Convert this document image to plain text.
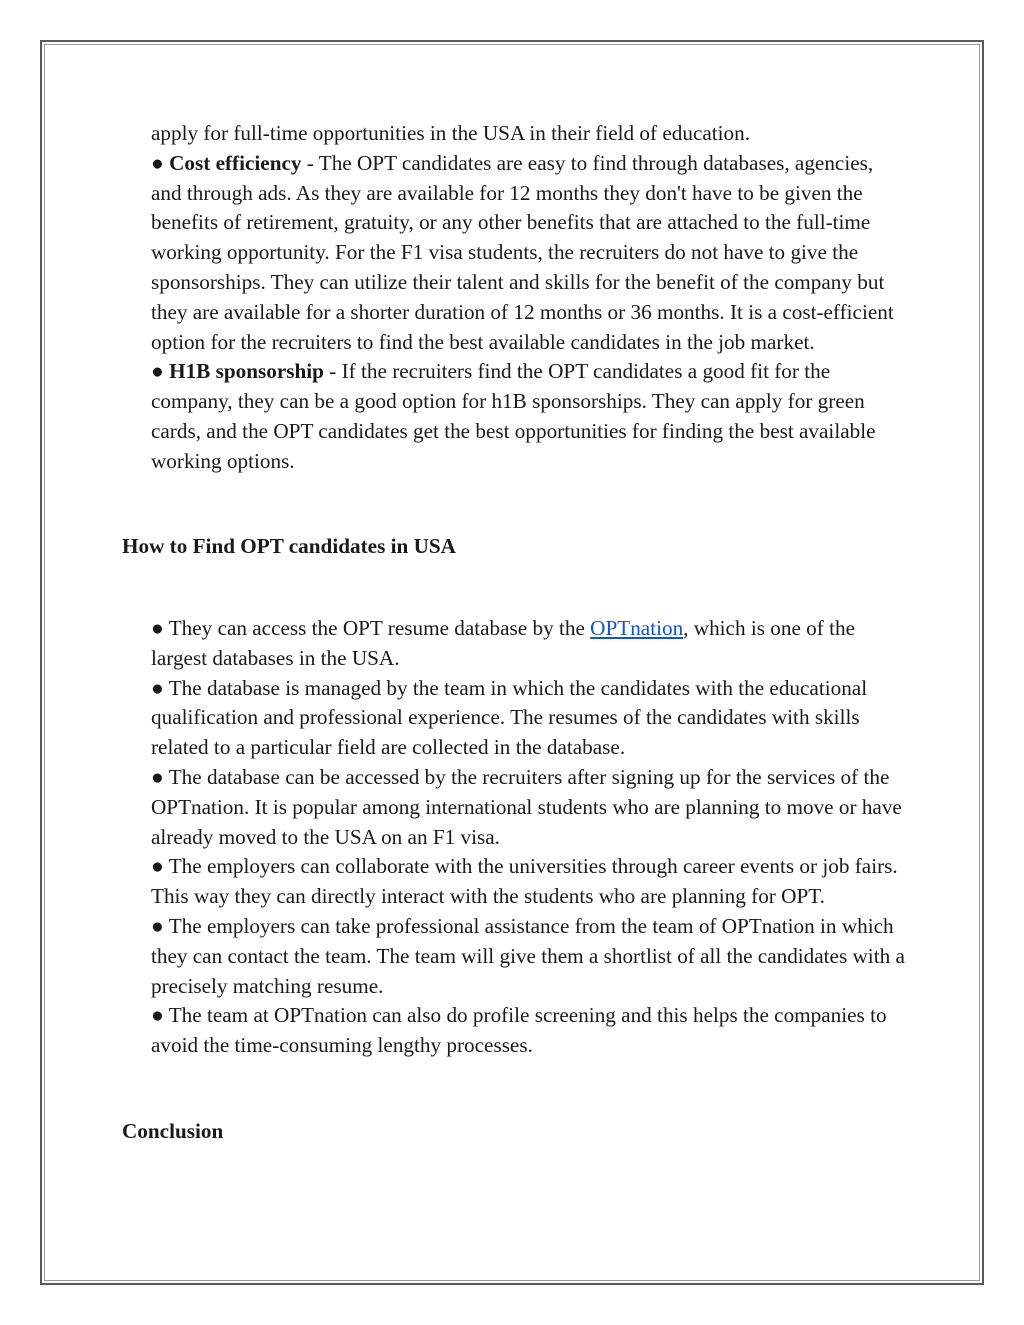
apply for full-time opportunities in the USA in their field of education.

● Cost efficiency - The OPT candidates are easy to find through databases, agencies, and through ads. As they are available for 12 months they don't have to be given the benefits of retirement, gratuity, or any other benefits that are attached to the full-time working opportunity. For the F1 visa students, the recruiters do not have to give the sponsorships. They can utilize their talent and skills for the benefit of the company but they are available for a shorter duration of 12 months or 36 months. It is a cost-efficient option for the recruiters to find the best available candidates in the job market.

● H1B sponsorship - If the recruiters find the OPT candidates a good fit for the company, they can be a good option for h1B sponsorships. They can apply for green cards, and the OPT candidates get the best opportunities for finding the best available working options.

How to Find OPT candidates in USA

● They can access the OPT resume database by the OPTnation, which is one of the largest databases in the USA.

● The database is managed by the team in which the candidates with the educational qualification and professional experience. The resumes of the candidates with skills related to a particular field are collected in the database.

● The database can be accessed by the recruiters after signing up for the services of the OPTnation. It is popular among international students who are planning to move or have already moved to the USA on an F1 visa.

● The employers can collaborate with the universities through career events or job fairs. This way they can directly interact with the students who are planning for OPT.

● The employers can take professional assistance from the team of OPTnation in which they can contact the team. The team will give them a shortlist of all the candidates with a precisely matching resume.

● The team at OPTnation can also do profile screening and this helps the companies to avoid the time-consuming lengthy processes.

Conclusion
